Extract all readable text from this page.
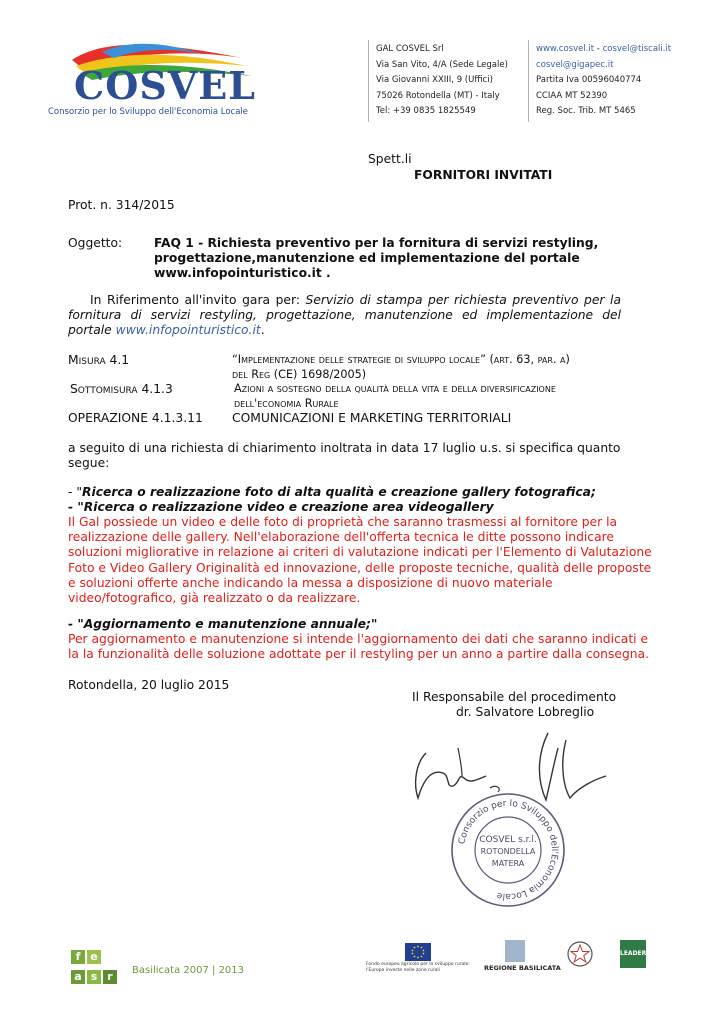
COSVEL
Consorzio per lo Sviluppo dell'Economia Locale
GAL COSVEL Srl
Via San Vito, 4/A (Sede Legale)
Via Giovanni XXIII, 9 (Uffici)
75026 Rotondella (MT) - Italy
Tel: +39 0835 1825549
www.cosvel.it - cosvel@tiscali.it
cosvel@gigapec.it
Partita Iva 00596040774
CCIAA MT 52390
Reg. Soc. Trib. MT 5465
Spett.li
FORNITORI INVITATI
Prot. n. 314/2015
Oggetto:	FAQ 1 - Richiesta preventivo per la fornitura di servizi restyling,
progettazione,manutenzione ed implementazione del portale
www.infopointuristico.it .
In Riferimento all'invito gara per: Servizio di stampa per richiesta preventivo per la fornitura di servizi restyling, progettazione, manutenzione ed implementazione del portale www.infopointuristico.it.
Misura 4.1	“Implementazione delle strategie di sviluppo locale” (art. 63, par. a)
del Reg (CE) 1698/2005)
Sottomisura 4.1.3	Azioni a sostegno della qualità della vita e della diversificazione
dell'economia Rurale
OPERAZIONE 4.1.3.11 COMUNICAZIONI E MARKETING TERRITORIALI
a seguito di una richiesta di chiarimento inoltrata in data 17 luglio u.s. si specifica quanto segue:
- "Ricerca o realizzazione foto di alta qualità e creazione gallery fotografica;
- "Ricerca o realizzazione video e creazione area videogallery
Il Gal possiede un video e delle foto di proprietà che saranno trasmessi al fornitore per la realizzazione delle gallery. Nell'elaborazione dell'offerta tecnica le ditte possono indicare soluzioni migliorative in relazione ai criteri di valutazione indicati per l'Elemento di Valutazione Foto e Video Gallery Originalità ed innovazione, delle proposte tecniche, qualità delle proposte e soluzioni offerte anche indicando la messa a disposizione di nuovo materiale video/fotografico, già realizzato o da realizzare.
- "Aggiornamento e manutenzione annuale;"
Per aggiornamento e manutenzione si intende l'aggiornamento dei dati che saranno indicati e la la funzionalità delle soluzione adottate per il restyling per un anno a partire dalla consegna.
Rotondella, 20 luglio 2015
Il Responsabile del procedimento
dr. Salvatore Lobreglio
Consorzio per lo Sviluppo dell'Economia Locale
COSVEL s.r.l.
ROTONDELLA
MATERA
f e
a s r	Basilicata 2007 | 2013
Fondo europeo agricolo per lo sviluppo rurale: l'Europa investe nelle zone rurali	REGIONE BASILICATA
LEADER
